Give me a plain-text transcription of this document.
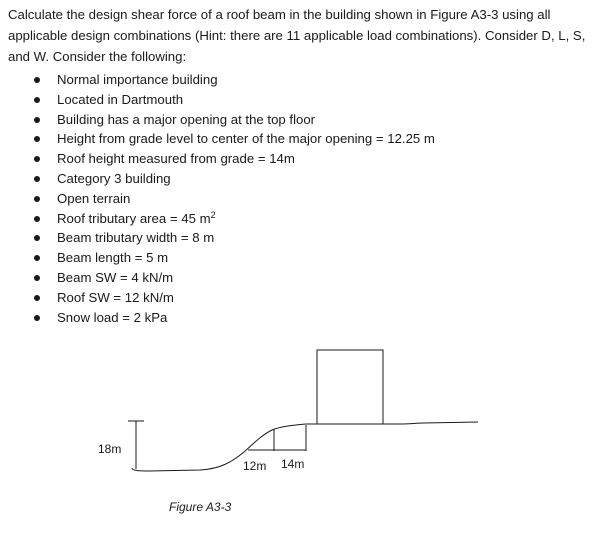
Calculate the design shear force of a roof beam in the building shown in Figure A3-3 using all applicable design combinations (Hint: there are 11 applicable load combinations). Consider D, L, S, and W. Consider the following:

Normal importance building
Located in Dartmouth
Building has a major opening at the top floor
Height from grade level to center of the major opening = 12.25 m
Roof height measured from grade = 14m
Category 3 building
Open terrain
Roof tributary area = 45 $m^2$
Beam tributary width = 8 m
Beam length = 5 m
Beam SW = 4 kN/m
Roof SW = 12 kN/m
Snow load = 2 kPa
18m
12m 14m
Figure A3-3
